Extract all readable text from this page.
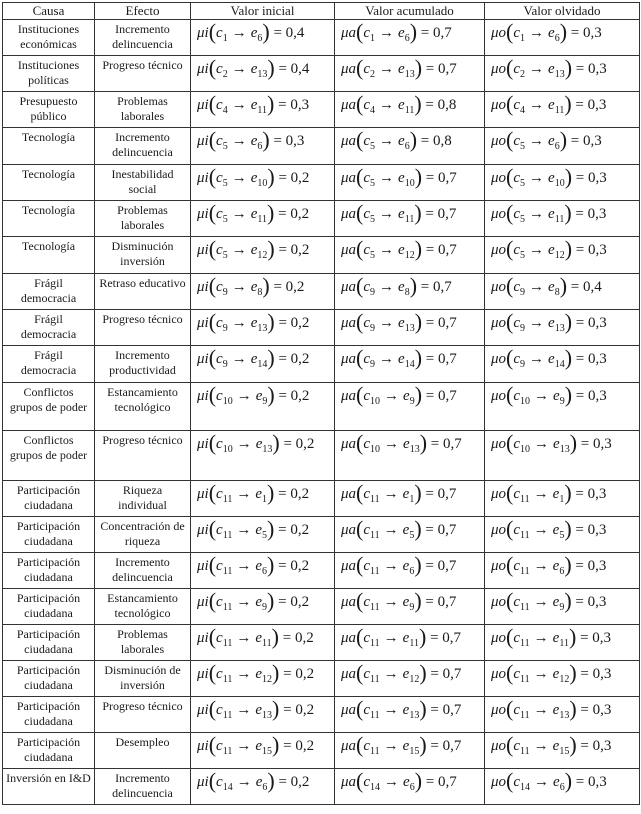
Causa	Efecto	Valor inicial	Valor acumulado	Valor olvidado
Instituciones económicas	Incremento delincuencia	$\mu i(c_1 \to e_6) = 0,4$	$\mu a(c_1 \to e_6) = 0,7$	$\mu o(c_1 \to e_6) = 0,3$
Instituciones políticas	Progreso técnico	$\mu i(c_2 \to e_{13}) = 0,4$	$\mu a(c_2 \to e_{13}) = 0,7$	$\mu o(c_2 \to e_{13}) = 0,3$
Presupuesto público	Problemas laborales	$\mu i(c_4 \to e_{11}) = 0,3$	$\mu a(c_4 \to e_{11}) = 0,8$	$\mu o(c_4 \to e_{11}) = 0,3$
Tecnología	Incremento delincuencia	$\mu i(c_5 \to e_6) = 0,3$	$\mu a(c_5 \to e_6) = 0,8$	$\mu o(c_5 \to e_6) = 0,3$
Tecnología	Inestabilidad social	$\mu i(c_5 \to e_{10}) = 0,2$	$\mu a(c_5 \to e_{10}) = 0,7$	$\mu o(c_5 \to e_{10}) = 0,3$
Tecnología	Problemas laborales	$\mu i(c_5 \to e_{11}) = 0,2$	$\mu a(c_5 \to e_{11}) = 0,7$	$\mu o(c_5 \to e_{11}) = 0,3$
Tecnología	Disminución inversión	$\mu i(c_5 \to e_{12}) = 0,2$	$\mu a(c_5 \to e_{12}) = 0,7$	$\mu o(c_5 \to e_{12}) = 0,3$
Frágil democracia	Retraso educativo	$\mu i(c_9 \to e_8) = 0,2$	$\mu a(c_9 \to e_8) = 0,7$	$\mu o(c_9 \to e_8) = 0,4$
Frágil democracia	Progreso técnico	$\mu i(c_9 \to e_{13}) = 0,2$	$\mu a(c_9 \to e_{13}) = 0,7$	$\mu o(c_9 \to e_{13}) = 0,3$
Frágil democracia	Incremento productividad	$\mu i(c_9 \to e_{14}) = 0,2$	$\mu a(c_9 \to e_{14}) = 0,7$	$\mu o(c_9 \to e_{14}) = 0,3$
Conflictos grupos de poder	Estancamiento tecnológico	$\mu i(c_{10} \to e_9) = 0,2$	$\mu a(c_{10} \to e_9) = 0,7$	$\mu o(c_{10} \to e_9) = 0,3$
Conflictos grupos de poder	Progreso técnico	$\mu i(c_{10} \to e_{13}) = 0,2$	$\mu a(c_{10} \to e_{13}) = 0,7$	$\mu o(c_{10} \to e_{13}) = 0,3$
Participación ciudadana	Riqueza individual	$\mu i(c_{11} \to e_1) = 0,2$	$\mu a(c_{11} \to e_1) = 0,7$	$\mu o(c_{11} \to e_1) = 0,3$
Participación ciudadana	Concentración de riqueza	$\mu i(c_{11} \to e_5) = 0,2$	$\mu a(c_{11} \to e_5) = 0,7$	$\mu o(c_{11} \to e_5) = 0,3$
Participación ciudadana	Incremento delincuencia	$\mu i(c_{11} \to e_6) = 0,2$	$\mu a(c_{11} \to e_6) = 0,7$	$\mu o(c_{11} \to e_6) = 0,3$
Participación ciudadana	Estancamiento tecnológico	$\mu i(c_{11} \to e_9) = 0,2$	$\mu a(c_{11} \to e_9) = 0,7$	$\mu o(c_{11} \to e_9) = 0,3$
Participación ciudadana	Problemas laborales	$\mu i(c_{11} \to e_{11}) = 0,2$	$\mu a(c_{11} \to e_{11}) = 0,7$	$\mu o(c_{11} \to e_{11}) = 0,3$
Participación ciudadana	Disminución de inversión	$\mu i(c_{11} \to e_{12}) = 0,2$	$\mu a(c_{11} \to e_{12}) = 0,7$	$\mu o(c_{11} \to e_{12}) = 0,3$
Participación ciudadana	Progreso técnico	$\mu i(c_{11} \to e_{13}) = 0,2$	$\mu a(c_{11} \to e_{13}) = 0,7$	$\mu o(c_{11} \to e_{13}) = 0,3$
Participación ciudadana	Desempleo	$\mu i(c_{11} \to e_{15}) = 0,2$	$\mu a(c_{11} \to e_{15}) = 0,7$	$\mu o(c_{11} \to e_{15}) = 0,3$
Inversión en I&D	Incremento delincuencia	$\mu i(c_{14} \to e_6) = 0,2$	$\mu a(c_{14} \to e_6) = 0,7$	$\mu o(c_{14} \to e_6) = 0,3$
